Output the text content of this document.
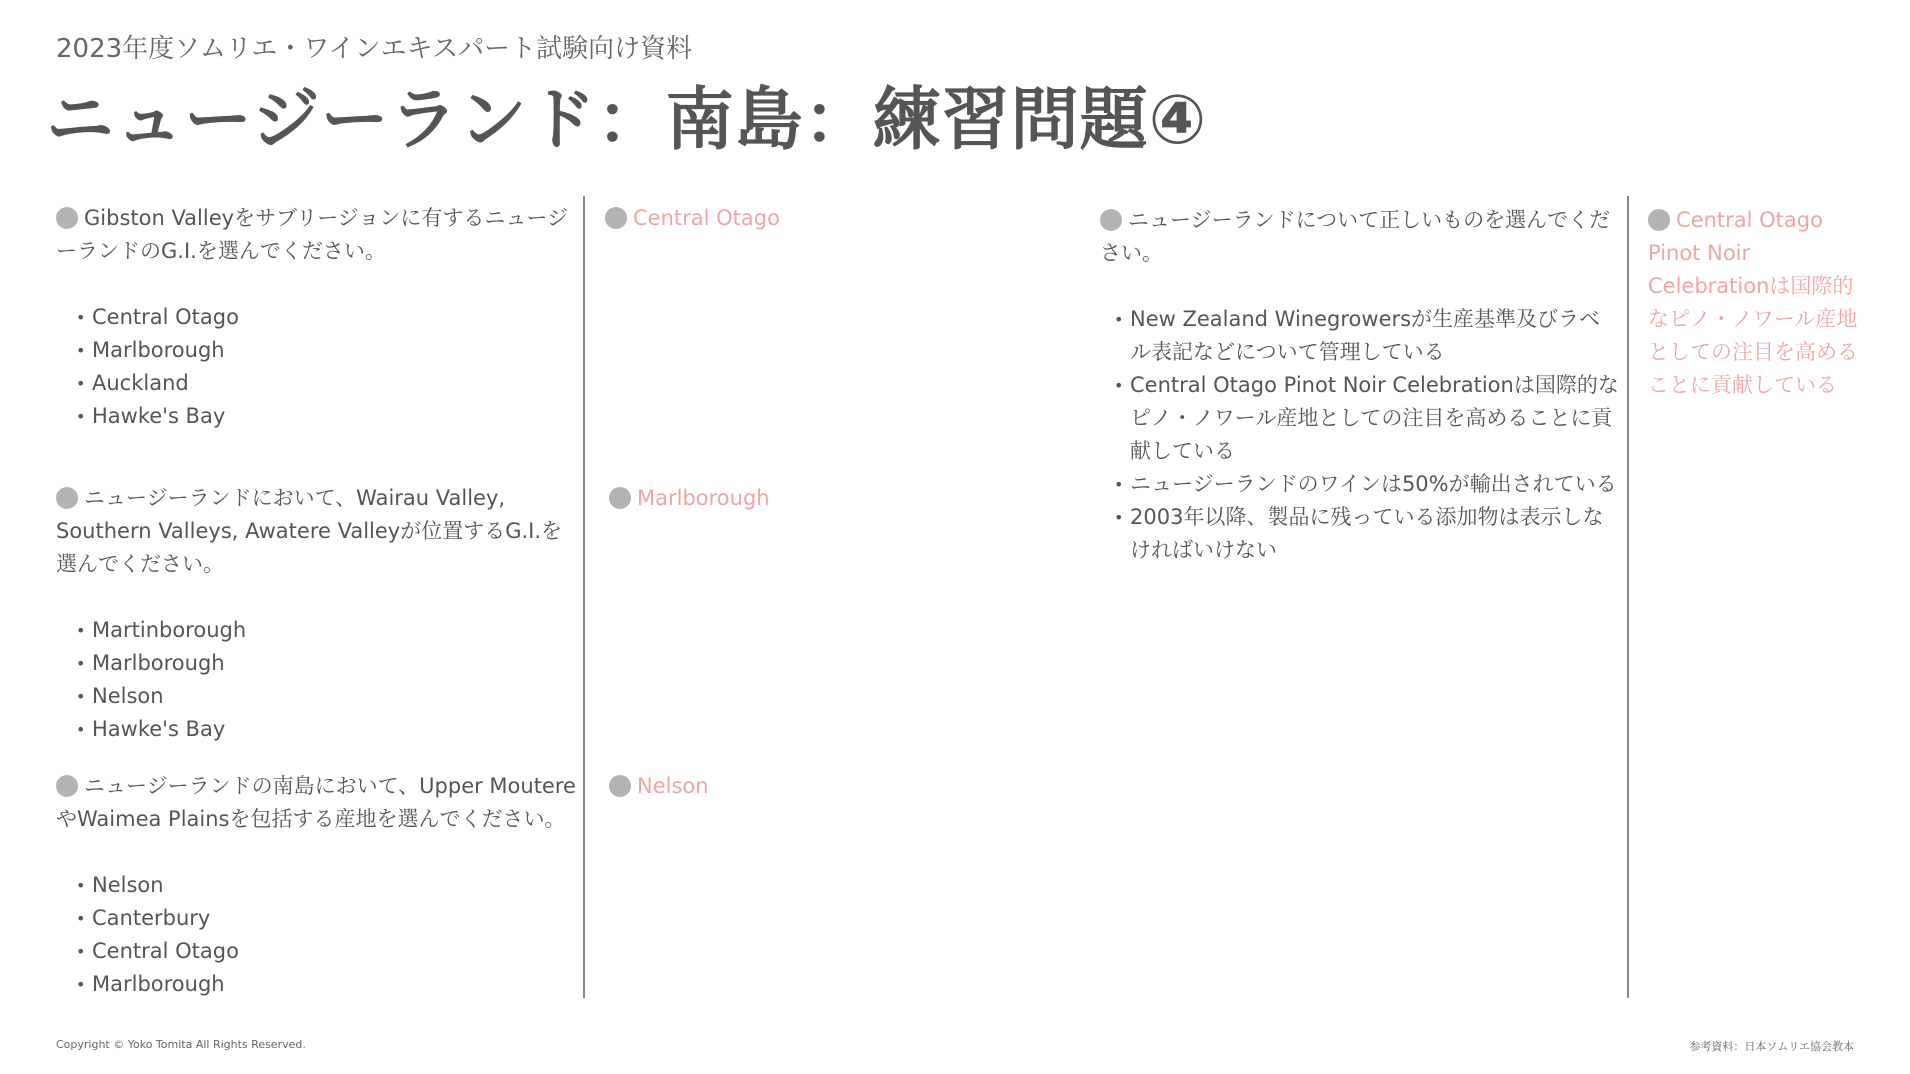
2023年度ソムリエ・ワインエキスパート試験向け資料
ニュージーランド：南島：練習問題④
Gibston Valleyをサブリージョンに有するニュージーランドのG.I.を選んでください。
• Central Otago
• Marlborough
• Auckland
• Hawke's Bay
Central Otago
ニュージーランドにおいて、Wairau Valley, Southern Valleys, Awatere Valleyが位置するG.I.を選んでください。
• Martinborough
• Marlborough
• Nelson
• Hawke's Bay
Marlborough
ニュージーランドの南島において、Upper MoutereやWaimea Plainsを包括する産地を選んでください。
• Nelson
• Canterbury
• Central Otago
• Marlborough
Nelson
ニュージーランドについて正しいものを選んでください。
• New Zealand Winegrowersが生産基準及びラベル表記などについて管理している
• Central Otago Pinot Noir Celebrationは国際的なピノ・ノワール産地としての注目を高めることに貢献している
• ニュージーランドのワインは50%が輸出されている
• 2003年以降、製品に残っている添加物は表示しなければいけない
Central Otago Pinot Noir Celebrationは国際的なピノ・ノワール産地としての注目を高めることに貢献している
Copyright © Yoko Tomita All Rights Reserved.	参考資料：日本ソムリエ協会教本
